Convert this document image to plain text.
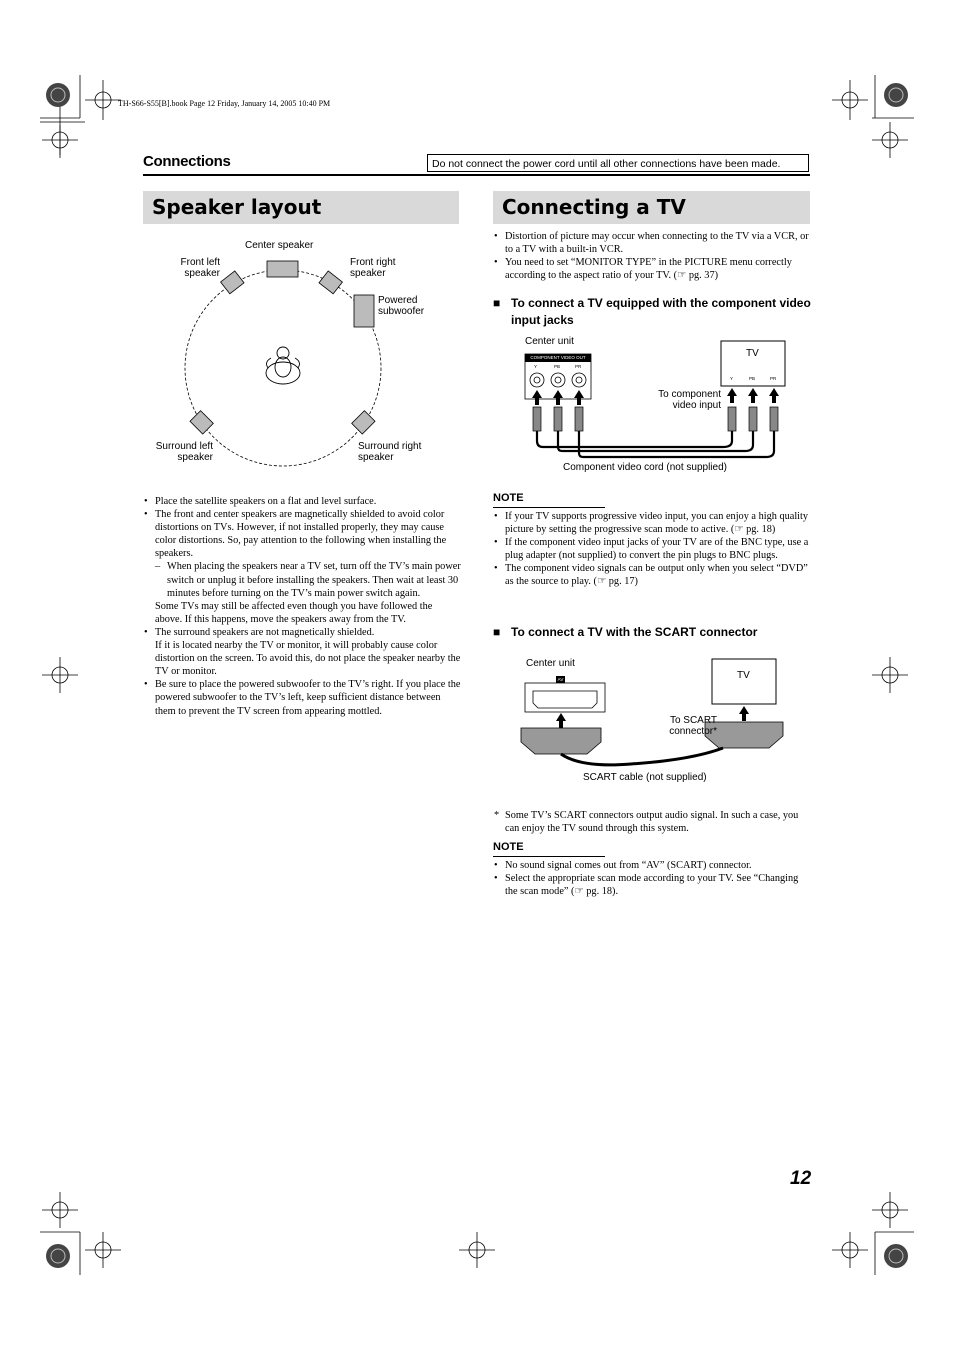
TH-S66-S55[B].book Page 12 Friday, January 14, 2005 10:40 PM
Connections	Do not connect the power cord until all other connections have been made.
Speaker layout
Center speaker
Front left
speaker
Front right
speaker
Powered
subwoofer
Surround left
speaker
Surround right
speaker
• Place the satellite speakers on a flat and level surface.
• The front and center speakers are magnetically shielded to avoid color distortions on TVs. However, if not installed properly, they may cause color distortions. So, pay attention to the following when installing the speakers.
– When placing the speakers near a TV set, turn off the TV’s main power switch or unplug it before installing the speakers. Then wait at least 30 minutes before turning on the TV’s main power switch again.
Some TVs may still be affected even though you have followed the above. If this happens, move the speakers away from the TV.
• The surround speakers are not magnetically shielded.
If it is located nearby the TV or monitor, it will probably cause color distortion on the screen. To avoid this, do not place the speaker nearby the TV or monitor.
• Be sure to place the powered subwoofer to the TV’s right. If you place the powered subwoofer to the TV’s left, keep sufficient distance between them to prevent the TV screen from appearing mottled.
Connecting a TV
• Distortion of picture may occur when connecting to the TV via a VCR, or to a TV with a built-in VCR.
• You need to set “MONITOR TYPE” in the PICTURE menu correctly according to the aspect ratio of your TV. (☞ pg. 37)
■ To connect a TV equipped with the component video input jacks
Center unit
COMPONENT VIDEO OUT
Y	PB	PR
TV
Y	PB	PR
To component
video input
Component video cord (not supplied)
NOTE
• If your TV supports progressive video input, you can enjoy a high quality picture by setting the progressive scan mode to active. (☞ pg. 18)
• If the component video input jacks of your TV are of the BNC type, use a plug adapter (not supplied) to convert the pin plugs to BNC plugs.
• The component video signals can be output only when you select “DVD” as the source to play. (☞ pg. 17)
■ To connect a TV with the SCART connector
Center unit
AV	TV
To SCART
connector*
SCART cable (not supplied)
* Some TV’s SCART connectors output audio signal. In such a case, you can enjoy the TV sound through this system.
NOTE
• No sound signal comes out from “AV” (SCART) connector.
• Select the appropriate scan mode according to your TV. See “Changing the scan mode” (☞ pg. 18).
12
